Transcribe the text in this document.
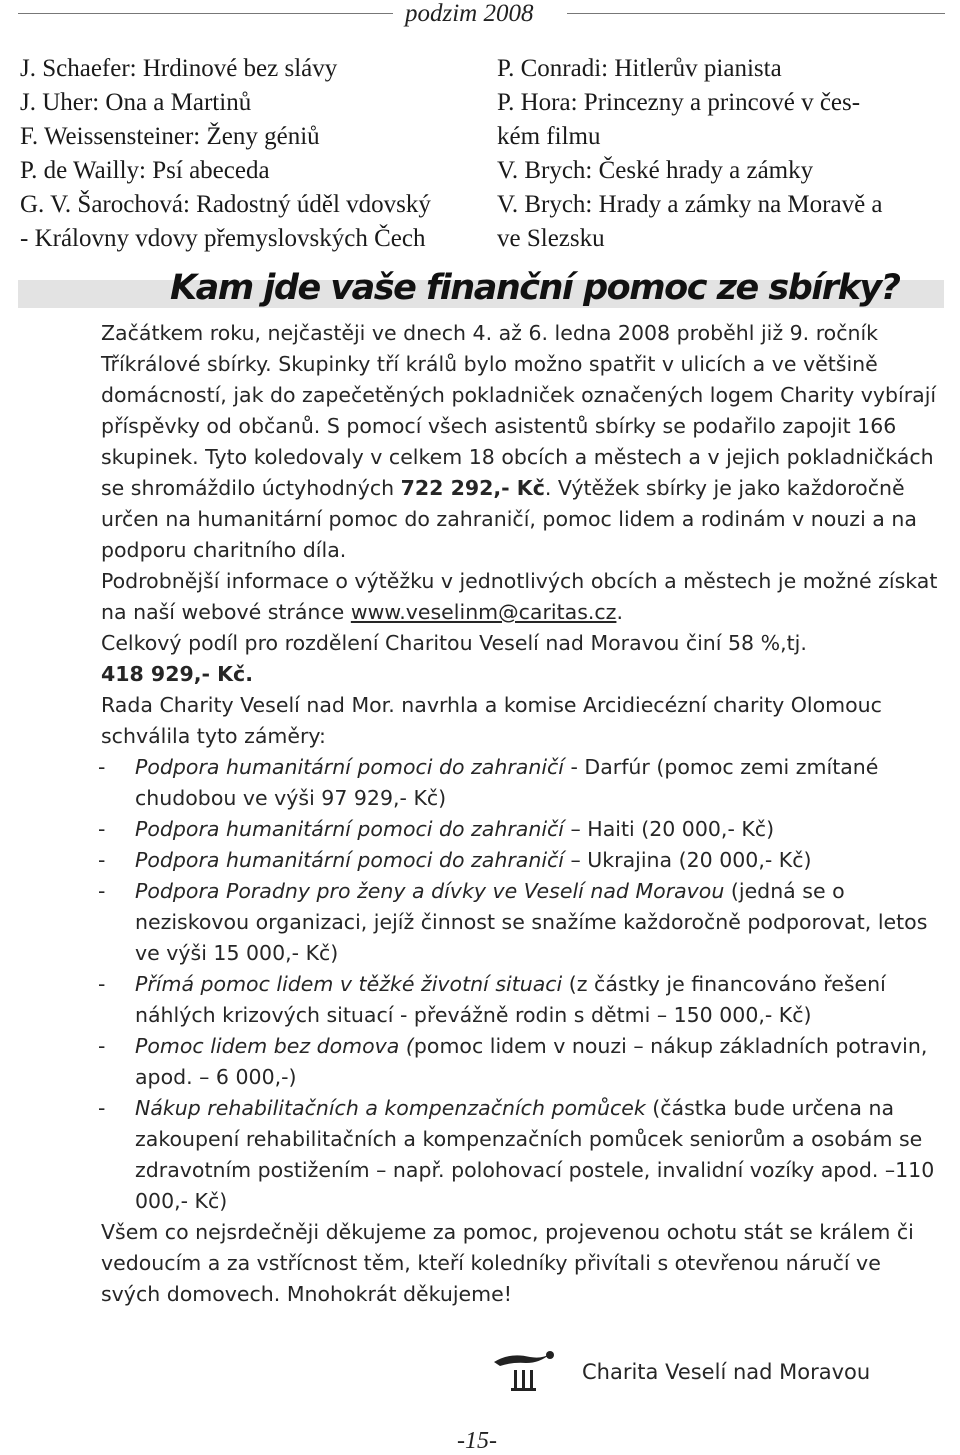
podzim 2008
J. Schaefer: Hrdinové bez slávy
J. Uher: Ona a Martinů
F. Weissensteiner: Ženy géniů
P. de Wailly: Psí abeceda
G. V. Šarochová: Radostný úděl vdovský
- Královny vdovy přemyslovských Čech
P. Conradi: Hitlerův pianista
P. Hora: Princezny a princové v čes-
kém filmu
V. Brych: České hrady a zámky
V. Brych: Hrady a zámky na Moravě a
ve Slezsku
Kam jde vaše finanční pomoc ze sbírky?

Začátkem roku, nejčastěji ve dnech 4. až 6. ledna 2008 proběhl již 9. ročník Tříkrálové sbírky. Skupinky tří králů bylo možno spatřit v ulicích a ve většině domácností, jak do zapečetěných pokladniček označených logem Charity vybírají příspěvky od občanů. S pomocí všech asistentů sbírky se podařilo zapojit 166 skupinek. Tyto koledovaly v celkem 18 obcích a městech a v jejich pokladničkách se shromáždilo úctyhodných 722 292,- Kč. Výtěžek sbírky je jako každoročně určen na humanitární pomoc do zahraničí, pomoc lidem a rodinám v nouzi a na podporu charitního díla.

Podrobnější informace o výtěžku v jednotlivých obcích a městech je možné získat na naší webové stránce www.veselinm@caritas.cz.

Celkový podíl pro rozdělení Charitou Veselí nad Moravou činí 58 %,tj.
418 929,- Kč.

Rada Charity Veselí nad Mor. navrhla a komise Arcidiecézní charity Olomouc schválila tyto záměry:

- Podpora humanitární pomoci do zahraničí - Darfúr (pomoc zemi zmítané chudobou ve výši 97 929,- Kč)
- Podpora humanitární pomoci do zahraničí – Haiti (20 000,- Kč)
- Podpora humanitární pomoci do zahraničí – Ukrajina (20 000,- Kč)
- Podpora Poradny pro ženy a dívky ve Veselí nad Moravou (jedná se o neziskovou organizaci, jejíž činnost se snažíme každoročně podporovat, letos ve výši 15 000,- Kč)
- Přímá pomoc lidem v těžké životní situaci (z částky je financováno řešení náhlých krizových situací - převážně rodin s dětmi – 150 000,- Kč)
- Pomoc lidem bez domova (pomoc lidem v nouzi – nákup základních potravin, apod. – 6 000,-)
- Nákup rehabilitačních a kompenzačních pomůcek (částka bude určena na zakoupení rehabilitačních a kompenzačních pomůcek seniorům a osobám se zdravotním postižením – např. polohovací postele, invalidní vozíky apod. –110 000,- Kč)

Všem co nejsrdečněji děkujeme za pomoc, projevenou ochotu stát se králem či vedoucím a za vstřícnost těm, kteří koledníky přivítali s otevřenou náručí ve svých domovech. Mnohokrát děkujeme!

Charita Veselí nad Moravou
-15-
